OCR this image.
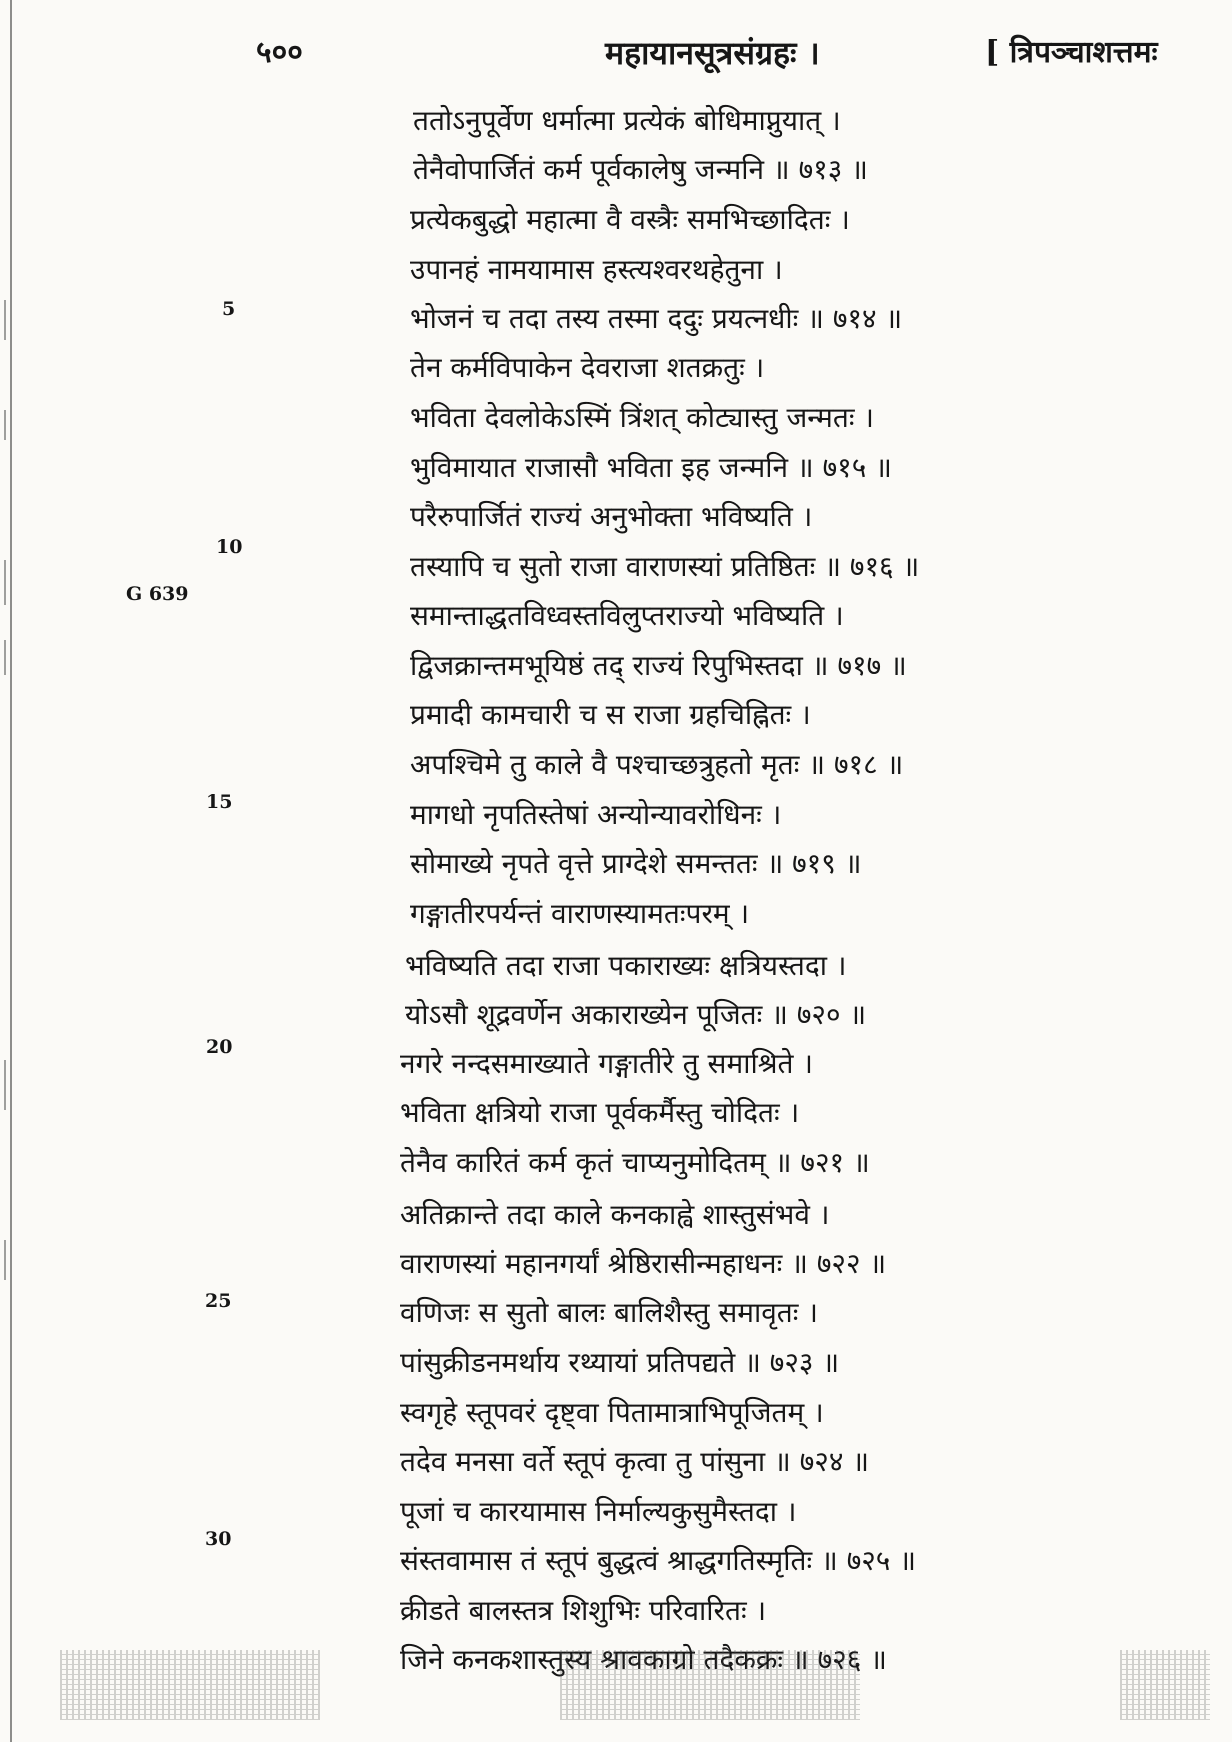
५००	महायानसूत्रसंग्रहः ।	[ त्रिपञ्चाशत्तमः
ततोऽनुपूर्वेण धर्मात्मा प्रत्येकं बोधिमाप्नुयात् ।
तेनैवोपार्जितं कर्म पूर्वकालेषु जन्मनि ॥ ७१३ ॥
प्रत्येकबुद्धो महात्मा वै वस्त्रैः समभिच्छादितः ।
उपानहं नामयामास हस्त्यश्वरथहेतुना ।
भोजनं च तदा तस्य तस्मा ददुः प्रयत्नधीः ॥ ७१४ ॥
तेन कर्मविपाकेन देवराजा शतक्रतुः ।
भविता देवलोकेऽस्मिं त्रिंशत् कोट्यास्तु जन्मतः ।
भुविमायात राजासौ भविता इह जन्मनि ॥ ७१५ ॥
परैरुपार्जितं राज्यं अनुभोक्ता भविष्यति ।
तस्यापि च सुतो राजा वाराणस्यां प्रतिष्ठितः ॥ ७१६ ॥
समान्ताद्धतविध्वस्तविलुप्तराज्यो भविष्यति ।
द्विजक्रान्तमभूयिष्ठं तद् राज्यं रिपुभिस्तदा ॥ ७१७ ॥
प्रमादी कामचारी च स राजा ग्रहचिह्नितः ।
अपश्चिमे तु काले वै पश्चाच्छत्रुहतो मृतः ॥ ७१८ ॥
मागधो नृपतिस्तेषां अन्योन्यावरोधिनः ।
सोमाख्ये नृपते वृत्ते प्राग्देशे समन्ततः ॥ ७१९ ॥
गङ्गातीरपर्यन्तं वाराणस्यामतःपरम् ।
भविष्यति तदा राजा पकाराख्यः क्षत्रियस्तदा ।
योऽसौ शूद्रवर्णेन अकाराख्येन पूजितः ॥ ७२० ॥
नगरे नन्दसमाख्याते गङ्गातीरे तु समाश्रिते ।
भविता क्षत्रियो राजा पूर्वकर्मैस्तु चोदितः ।
तेनैव कारितं कर्म कृतं चाप्यनुमोदितम् ॥ ७२१ ॥
अतिक्रान्ते तदा काले कनकाह्वे शास्तुसंभवे ।
वाराणस्यां महानगर्यां श्रेष्ठिरासीन्महाधनः ॥ ७२२ ॥
वणिजः स सुतो बालः बालिशैस्तु समावृतः ।
पांसुक्रीडनमर्थाय रथ्यायां प्रतिपद्यते ॥ ७२३ ॥
स्वगृहे स्तूपवरं दृष्ट्वा पितामात्राभिपूजितम् ।
तदेव मनसा वर्ते स्तूपं कृत्वा तु पांसुना ॥ ७२४ ॥
पूजां च कारयामास निर्माल्यकुसुमैस्तदा ।
संस्तवामास तं स्तूपं बुद्धत्वं श्राद्धगतिस्मृतिः ॥ ७२५ ॥
क्रीडते बालस्तत्र शिशुभिः परिवारितः ।
जिने कनकशास्तुस्य श्रावकाग्रो तदैकक्रः ॥ ७२६ ॥
5
10
G 639
15
20
25
30
